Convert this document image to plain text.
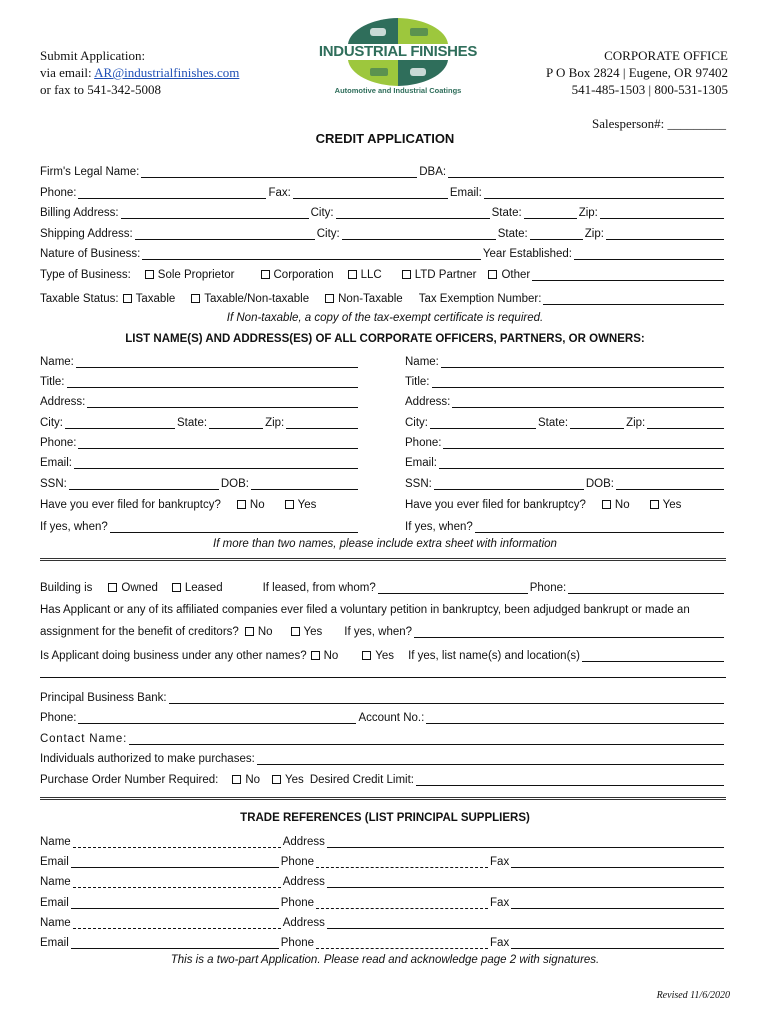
Submit Application:
via email: AR@industrialfinishes.com
or fax to 541-342-5008
INDUSTRIAL FINISHES
Automotive and Industrial Coatings
CORPORATE OFFICE
P O Box 2824 | Eugene, OR 97402
541-485-1503 | 800-531-1305
Salesperson#: _________
CREDIT APPLICATION
Firm's Legal Name:	DBA:
Phone:	Fax:	Email:
Billing Address:	City:	State:	Zip:
Shipping Address:	City:	State:	Zip:
Nature of Business:	Year Established:
Type of Business: Sole Proprietor	Corporation LLC	LTD Partner Other
Taxable Status: Taxable	Taxable/Non-taxable	Non-Taxable Tax Exemption Number:
If Non-taxable, a copy of the tax-exempt certificate is required.
LIST NAME(S) AND ADDRESS(ES) OF ALL CORPORATE OFFICERS, PARTNERS, OR OWNERS:
Name:
Title:
Address:
City:	State:	Zip:
Phone:
Email:
SSN:	DOB:
Have you ever filed for bankruptcy?	No	Yes
If yes, when?
Name:
Title:
Address:
City:	State:	Zip:
Phone:
Email:
SSN:	DOB:
Have you ever filed for bankruptcy?	No	Yes
If yes, when?
If more than two names, please include extra sheet with information
Building is	Owned Leased	If leased, from whom?	Phone:
Has Applicant or any of its affiliated companies ever filed a voluntary petition in bankruptcy, been adjudged bankrupt or made an
assignment for the benefit of creditors? No	Yes If yes, when?
Is Applicant doing business under any other names? No	Yes If yes, list name(s) and location(s)
Principal Business Bank:
Phone:	Account No.:
Contact Name:
Individuals authorized to make purchases:
Purchase Order Number Required: No Yes Desired Credit Limit:
TRADE REFERENCES (LIST PRINCIPAL SUPPLIERS)
Name	Address
Email	Phone	Fax
Name	Address
Email	Phone	Fax
Name	Address
Email	Phone	Fax
This is a two-part Application. Please read and acknowledge page 2 with signatures.
Revised 11/6/2020
